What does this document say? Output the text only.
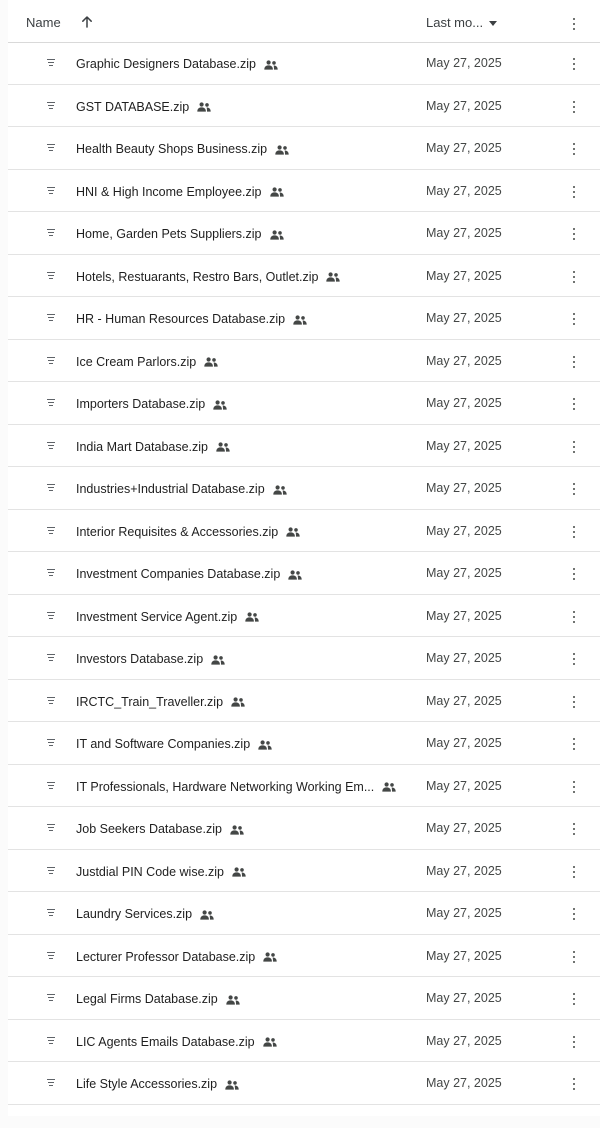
Name	Last mo...
Graphic Designers Database.zip	May 27, 2025
GST DATABASE.zip	May 27, 2025
Health Beauty Shops Business.zip	May 27, 2025
HNI & High Income Employee.zip	May 27, 2025
Home, Garden Pets Suppliers.zip	May 27, 2025
Hotels, Restuarants, Restro Bars, Outlet.zip	May 27, 2025
HR - Human Resources Database.zip	May 27, 2025
Ice Cream Parlors.zip	May 27, 2025
Importers Database.zip	May 27, 2025
India Mart Database.zip	May 27, 2025
Industries+Industrial Database.zip	May 27, 2025
Interior Requisites & Accessories.zip	May 27, 2025
Investment Companies Database.zip	May 27, 2025
Investment Service Agent.zip	May 27, 2025
Investors Database.zip	May 27, 2025
IRCTC_Train_Traveller.zip	May 27, 2025
IT and Software Companies.zip	May 27, 2025
IT Professionals, Hardware Networking Working Em...	May 27, 2025
Job Seekers Database.zip	May 27, 2025
Justdial PIN Code wise.zip	May 27, 2025
Laundry Services.zip	May 27, 2025
Lecturer Professor Database.zip	May 27, 2025
Legal Firms Database.zip	May 27, 2025
LIC Agents Emails Database.zip	May 27, 2025
Life Style Accessories.zip	May 27, 2025
